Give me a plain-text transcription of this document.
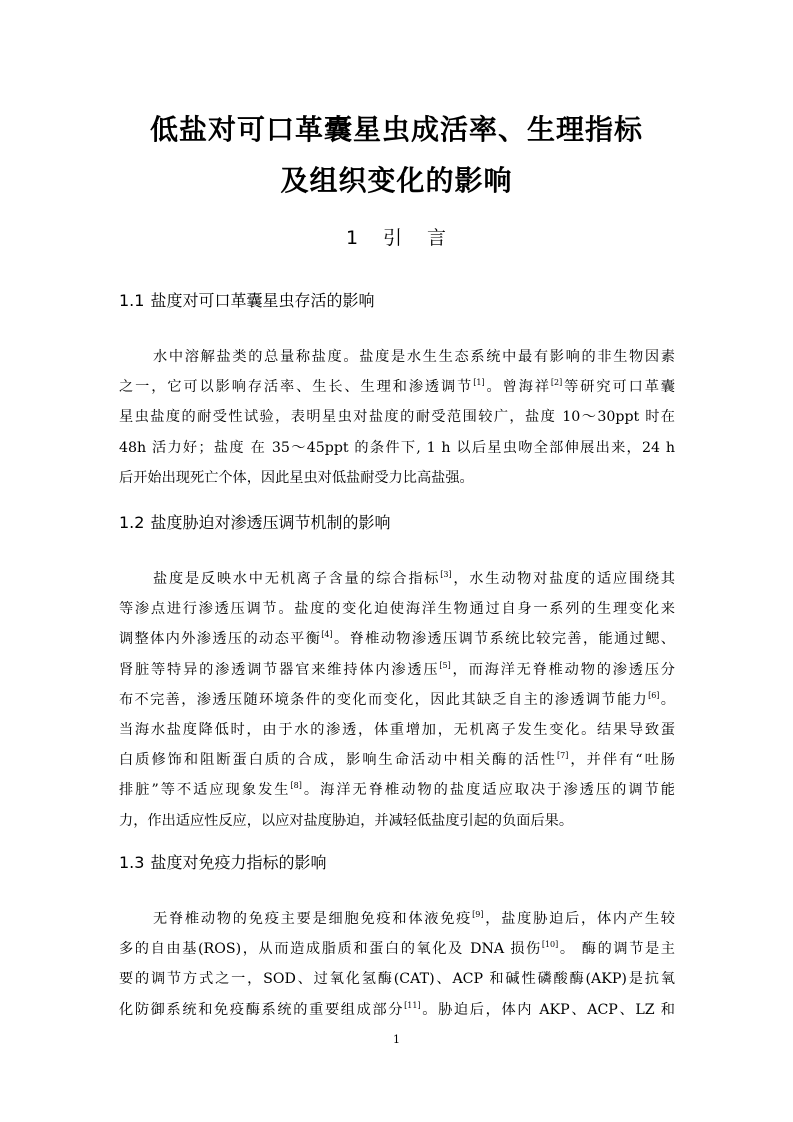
低盐对可口革囊星虫成活率、生理指标
及组织变化的影响
1 引 言
1.1 盐度对可口革囊星虫存活的影响
水中溶解盐类的总量称盐度。盐度是水生生态系统中最有影响的非生物因素
之一，它可以影响存活率、生长、生理和渗透调节[1]。曾海祥[2]等研究可口革囊
星虫盐度的耐受性试验，表明星虫对盐度的耐受范围较广，盐度 10～30ppt 时在
48h 活力好；盐度 在 35～45ppt 的条件下, 1 h 以后星虫吻全部伸展出来，24 h
后开始出现死亡个体，因此星虫对低盐耐受力比高盐强。
1.2 盐度胁迫对渗透压调节机制的影响
盐度是反映水中无机离子含量的综合指标[3]，水生动物对盐度的适应围绕其
等渗点进行渗透压调节。盐度的变化迫使海洋生物通过自身一系列的生理变化来
调整体内外渗透压的动态平衡[4]。脊椎动物渗透压调节系统比较完善，能通过鳃、
肾脏等特异的渗透调节器官来维持体内渗透压[5]，而海洋无脊椎动物的渗透压分
布不完善，渗透压随环境条件的变化而变化，因此其缺乏自主的渗透调节能力[6]。
当海水盐度降低时，由于水的渗透，体重增加，无机离子发生变化。结果导致蛋
白质修饰和阻断蛋白质的合成，影响生命活动中相关酶的活性[7]，并伴有“吐肠
排脏”等不适应现象发生[8]。海洋无脊椎动物的盐度适应取决于渗透压的调节能
力，作出适应性反应，以应对盐度胁迫，并减轻低盐度引起的负面后果。
1.3 盐度对免疫力指标的影响
无脊椎动物的免疫主要是细胞免疫和体液免疫[9]，盐度胁迫后，体内产生较
多的自由基(ROS)，从而造成脂质和蛋白的氧化及 DNA 损伤[10]。 酶的调节是主
要的调节方式之一，SOD、过氧化氢酶(CAT)、ACP 和碱性磷酸酶(AKP)是抗氧
化防御系统和免疫酶系统的重要组成部分[11]。胁迫后，体内 AKP、ACP、LZ 和
1
